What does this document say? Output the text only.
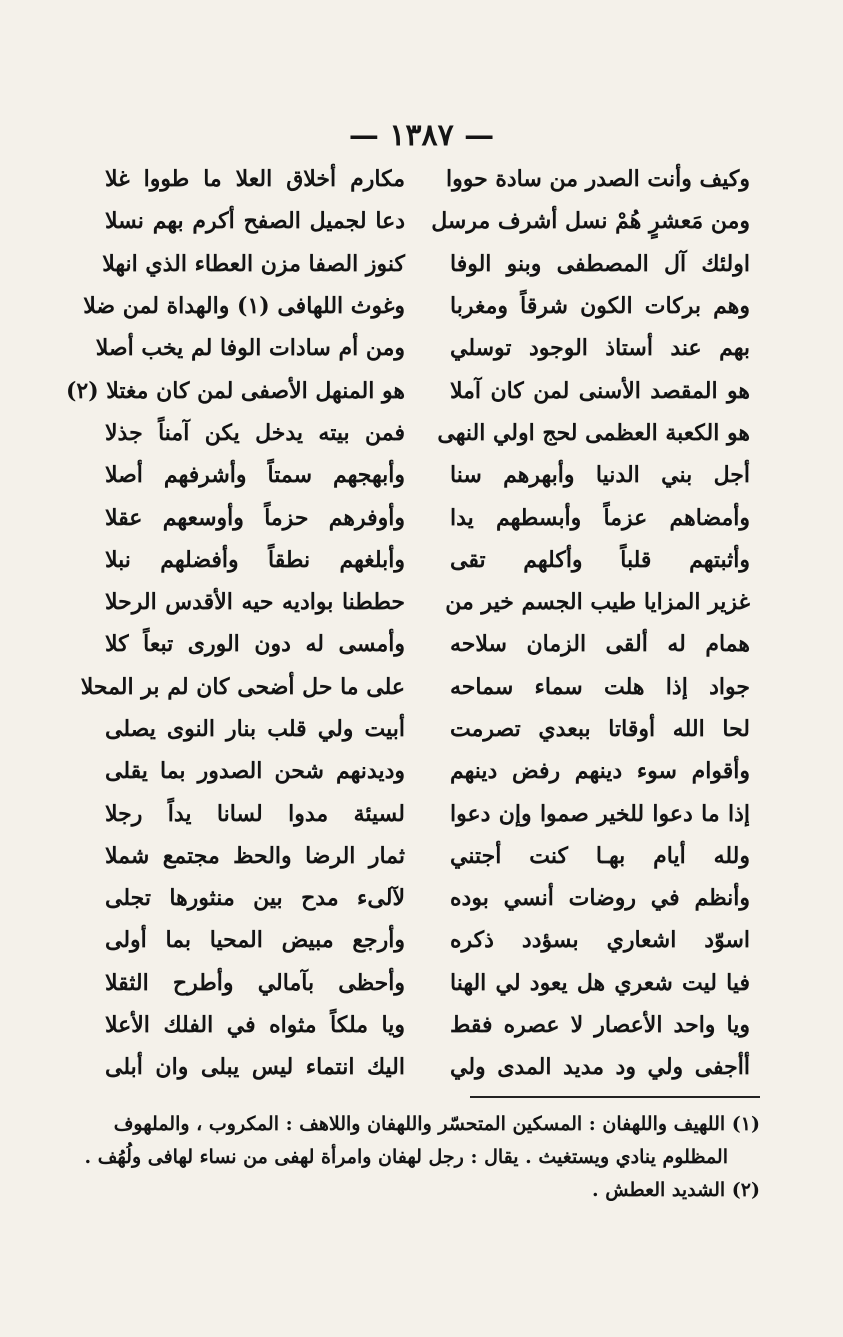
— ١٣٨٧ —
وكيف وأنت الصدر من سادة حووا
مكارم أخلاق العلا ما طووا غلا
ومن مَعشرٍ هُمْ نسل أشرف مرسل
دعا لجميل الصفح أكرم بهم نسلا
اولئك آل المصطفى وبنو الوفا
كنوز الصفا مزن العطاء الذي انهلا
وهم بركات الكون شرقاً ومغربا
وغوث اللهافى (١) والهداة لمن ضلا
بهم عند أستاذ الوجود توسلي
ومن أم سادات الوفا لم يخب أصلا
هو المقصد الأسنى لمن كان آملا
هو المنهل الأصفى لمن كان مغتلا (٢)
هو الكعبة العظمى لحج اولي النهى
فمن بيته يدخل يكن آمناً جذلا
أجل بني الدنيا وأبهرهم سنا
وأبهجهم سمتاً وأشرفهم أصلا
وأمضاهم عزماً وأبسطهم يدا
وأوفرهم حزماً وأوسعهم عقلا
وأثبتهم قلباً وأكلهم تقى
وأبلغهم نطقاً وأفضلهم نبلا
غزير المزايا طيب الجسم خير من
حططنا بواديه حيه الأقدس الرحلا
همام له ألقى الزمان سلاحه
وأمسى له دون الورى تبعاً كلا
جواد إذا هلت سماء سماحه
على ما حل أضحى كان لم بر المحلا
لحا الله أوقاتا ببعدي تصرمت
أبيت ولي قلب بنار النوى يصلى
وأقوام سوء دينهم رفض دينهم
وديدنهم شحن الصدور بما يقلى
إذا ما دعوا للخير صموا وإن دعوا
لسيئة مدوا لسانا يداً رجلا
ولله أيام بهـا كنت أجتني
ثمار الرضا والحظ مجتمع شملا
وأنظم في روضات أنسي بوده
لآلىء مدح بين منثورها تجلى
اسوّد اشعاري بسؤدد ذكره
وأرجع مبيض المحيا بما أولى
فيا ليت شعري هل يعود لي الهنا
وأحظى بآمالي وأطرح الثقلا
ويا واحد الأعصار لا عصره فقط
ويا ملكاً مثواه في الفلك الأعلا
أأجفى ولي ود مديد المدى ولي
اليك انتماء ليس يبلى وان أبلى
(١) اللهيف واللهفان : المسكين المتحسّر واللهفان واللاهف : المكروب ، والملهوف
المظلوم ينادي ويستغيث . يقال : رجل لهفان وامرأة لهفى من نساء لهافى ولُهُف .
(٢) الشديد العطش .
